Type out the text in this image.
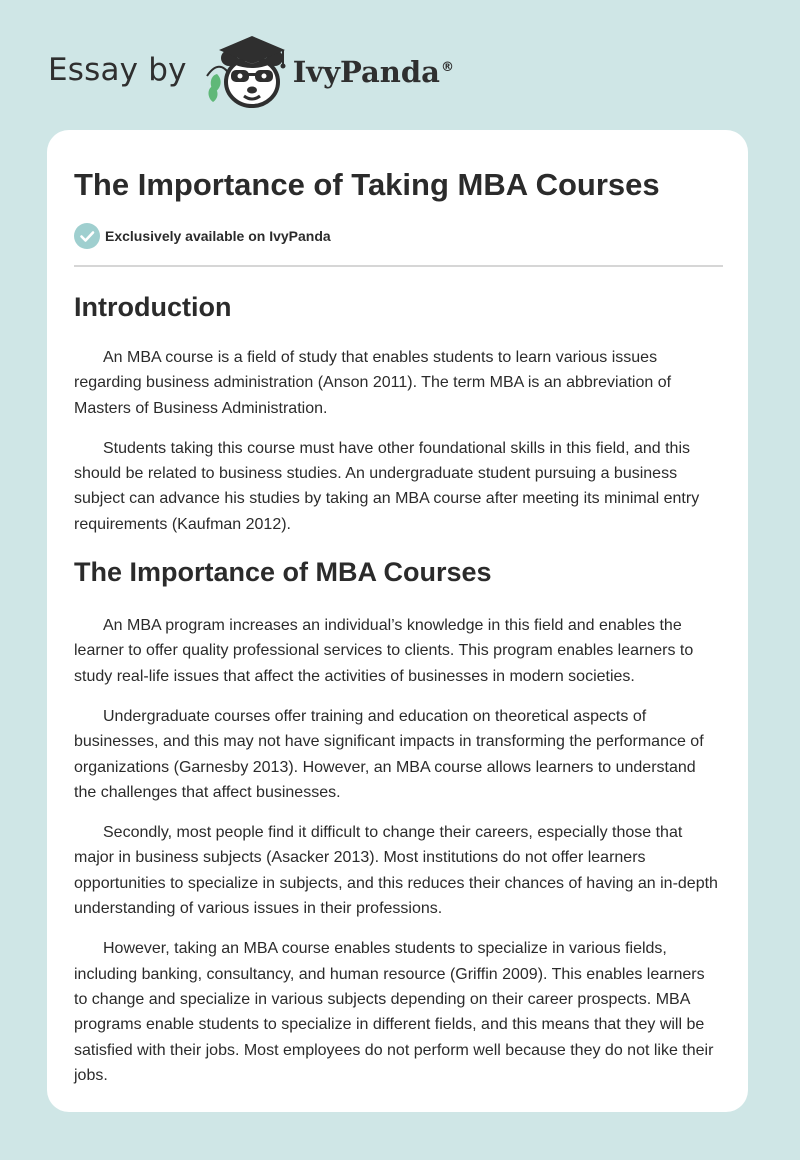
Essay by	IvyPanda®
The Importance of Taking MBA Courses
Exclusively available on IvyPanda
Introduction

An MBA course is a field of study that enables students to learn various issues regarding business administration (Anson 2011). The term MBA is an abbreviation of Masters of Business Administration.

Students taking this course must have other foundational skills in this field, and this should be related to business studies. An undergraduate student pursuing a business subject can advance his studies by taking an MBA course after meeting its minimal entry requirements (Kaufman 2012).

The Importance of MBA Courses

An MBA program increases an individual’s knowledge in this field and enables the learner to offer quality professional services to clients. This program enables learners to study real-life issues that affect the activities of businesses in modern societies.

Undergraduate courses offer training and education on theoretical aspects of businesses, and this may not have significant impacts in transforming the performance of organizations (Garnesby 2013). However, an MBA course allows learners to understand the challenges that affect businesses.

Secondly, most people find it difficult to change their careers, especially those that major in business subjects (Asacker 2013). Most institutions do not offer learners opportunities to specialize in subjects, and this reduces their chances of having an in-depth understanding of various issues in their professions.

However, taking an MBA course enables students to specialize in various fields, including banking, consultancy, and human resource (Griffin 2009). This enables learners to change and specialize in various subjects depending on their career prospects. MBA programs enable students to specialize in different fields, and this means that they will be satisfied with their jobs. Most employees do not perform well because they do not like their jobs.
